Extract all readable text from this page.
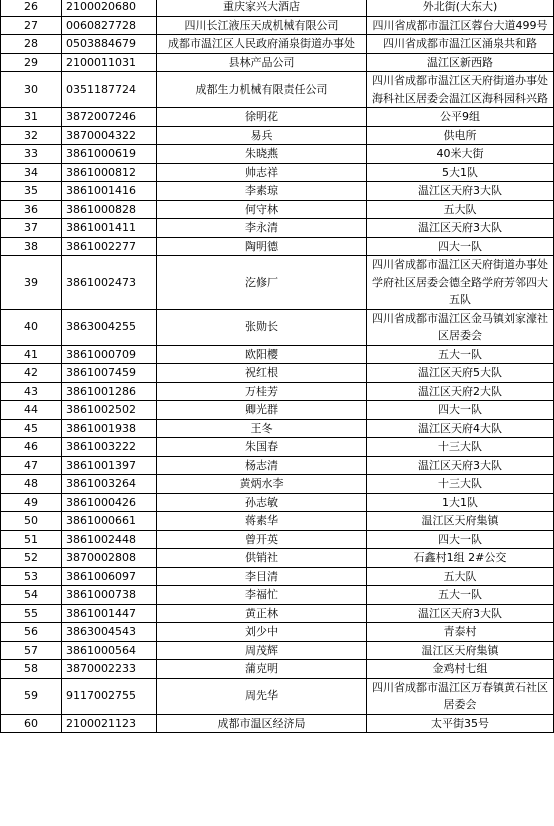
26	2100020680	重庆家兴大酒店	外北街(大东大)
27	0060827728	四川长江液压天成机械有限公司	四川省成都市温江区蓉台大道499号
28	0503884679	成都市温江区人民政府涌泉街道办事处	四川省成都市温江区涌泉共和路
29	2100011031	县林产品公司	温江区新西路
30	0351187724	成都生力机械有限责任公司	四川省成都市温江区天府街道办事处海科社区居委会温江区海科园科兴路
31	3872007246	徐明花	公平9组
32	3870004322	易兵	供电所
33	3861000619	朱晓燕	40米大街
34	3861000812	帅志祥	5大1队
35	3861001416	李素琼	温江区天府3大队
36	3861000828	何守林	五大队
37	3861001411	李永清	温江区天府3大队
38	3861002277	陶明德	四大一队
39	3861002473	汔修厂	四川省成都市温江区天府街道办事处学府社区居委会德全路学府芳邻四大五队
40	3863004255	张勋长	四川省成都市温江区金马镇刘家濠社区居委会
41	3861000709	欧阳樱	五大一队
42	3861007459	祝红根	温江区天府5大队
43	3861001286	万桂芳	温江区天府2大队
44	3861002502	卿光群	四大一队
45	3861001938	王冬	温江区天府4大队
46	3861003222	朱国春	十三大队
47	3861001397	杨志清	温江区天府3大队
48	3861003264	黄炳水李	十三大队
49	3861000426	孙志敏	1大1队
50	3861000661	蒋素华	温江区天府集镇
51	3861002448	曾开英	四大一队
52	3870002808	供销社	石鑫村1组 2#公交
53	3861006097	李目清	五大队
54	3861000738	李福忙	五大一队
55	3861001447	黄正林	温江区天府3大队
56	3863004543	刘少中	青泰村
57	3861000564	周茂辉	温江区天府集镇
58	3870002233	蒲克明	金鸡村七组
59	9117002755	周先华	四川省成都市温江区万春镇黄石社区居委会
60	2100021123	成都市温区经济局	太平街35号
